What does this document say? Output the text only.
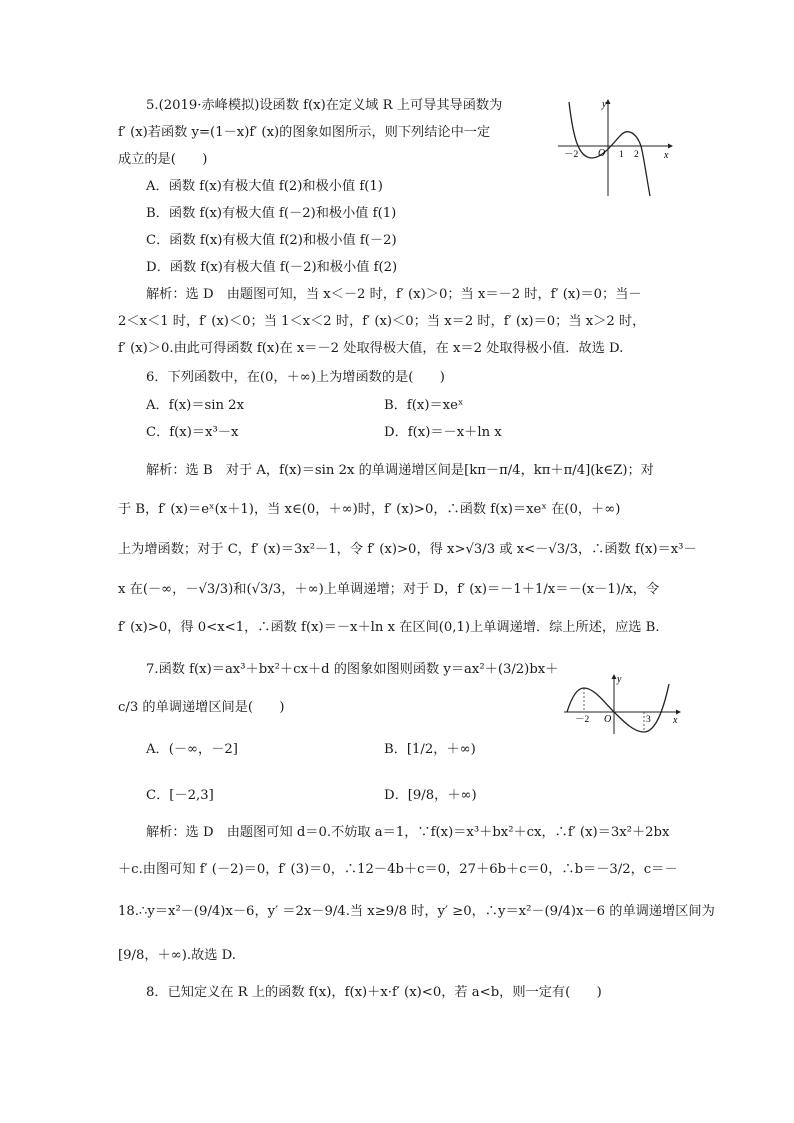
5.(2019·赤峰模拟)设函数 f(x)在定义域 R 上可导其导函数为
f′ (x)若函数 y=(1－x)f′ (x)的图象如图所示，则下列结论中一定
成立的是(　　)
y
x
O
－2	1 2
A．函数 f(x)有极大值 f(2)和极小值 f(1)
B．函数 f(x)有极大值 f(－2)和极小值 f(1)
C．函数 f(x)有极大值 f(2)和极小值 f(－2)
D．函数 f(x)有极大值 f(－2)和极小值 f(2)
解析：选 D　由题图可知，当 x＜－2 时，f′ (x)＞0；当 x＝－2 时，f′ (x)＝0；当－
2＜x＜1 时，f′ (x)＜0；当 1＜x＜2 时，f′ (x)＜0；当 x＝2 时，f′ (x)＝0；当 x＞2 时，
f′ (x)＞0.由此可得函数 f(x)在 x＝－2 处取得极大值，在 x＝2 处取得极小值．故选 D.
6．下列函数中，在(0，＋∞)上为增函数的是(　　)
A．f(x)＝sin 2x	B．f(x)＝xeˣ
C．f(x)＝x³－x	D．f(x)＝－x＋ln x
解析：选 B　对于 A，f(x)＝sin 2x 的单调递增区间是[kπ－π/4，kπ＋π/4](k∈Z)；对
于 B，f′ (x)＝eˣ(x＋1)，当 x∈(0，＋∞)时，f′ (x)>0，∴函数 f(x)＝xeˣ 在(0，＋∞)
上为增函数；对于 C，f′ (x)＝3x²－1，令 f′ (x)>0，得 x>√3/3 或 x<－√3/3，∴函数 f(x)＝x³－
x 在(－∞，－√3/3)和(√3/3，＋∞)上单调递增；对于 D，f′ (x)＝－1＋1/x＝－(x－1)/x，令
f′ (x)>0，得 0<x<1，∴函数 f(x)＝－x＋ln x 在区间(0,1)上单调递增．综上所述，应选 B.
7.函数 f(x)＝ax³＋bx²＋cx＋d 的图象如图则函数 y＝ax²＋(3/2)bx＋
c/3 的单调递增区间是(　　)
y
x
O
－2	3
A．(－∞，－2]	B．[1/2，＋∞)
C．[－2,3]	D．[9/8，＋∞)
解析：选 D　由题图可知 d＝0.不妨取 a＝1，∵f(x)＝x³＋bx²＋cx，∴f′ (x)＝3x²＋2bx
＋c.由图可知 f′ (－2)＝0，f′ (3)＝0，∴12－4b＋c＝0，27＋6b＋c＝0，∴b＝－3/2，c＝－
18.∴y＝x²－(9/4)x－6，y′ ＝2x－9/4.当 x≥9/8 时，y′ ≥0，∴y＝x²－(9/4)x－6 的单调递增区间为
[9/8，＋∞).故选 D.
8．已知定义在 R 上的函数 f(x)，f(x)＋x·f′ (x)<0，若 a<b，则一定有(　　)
